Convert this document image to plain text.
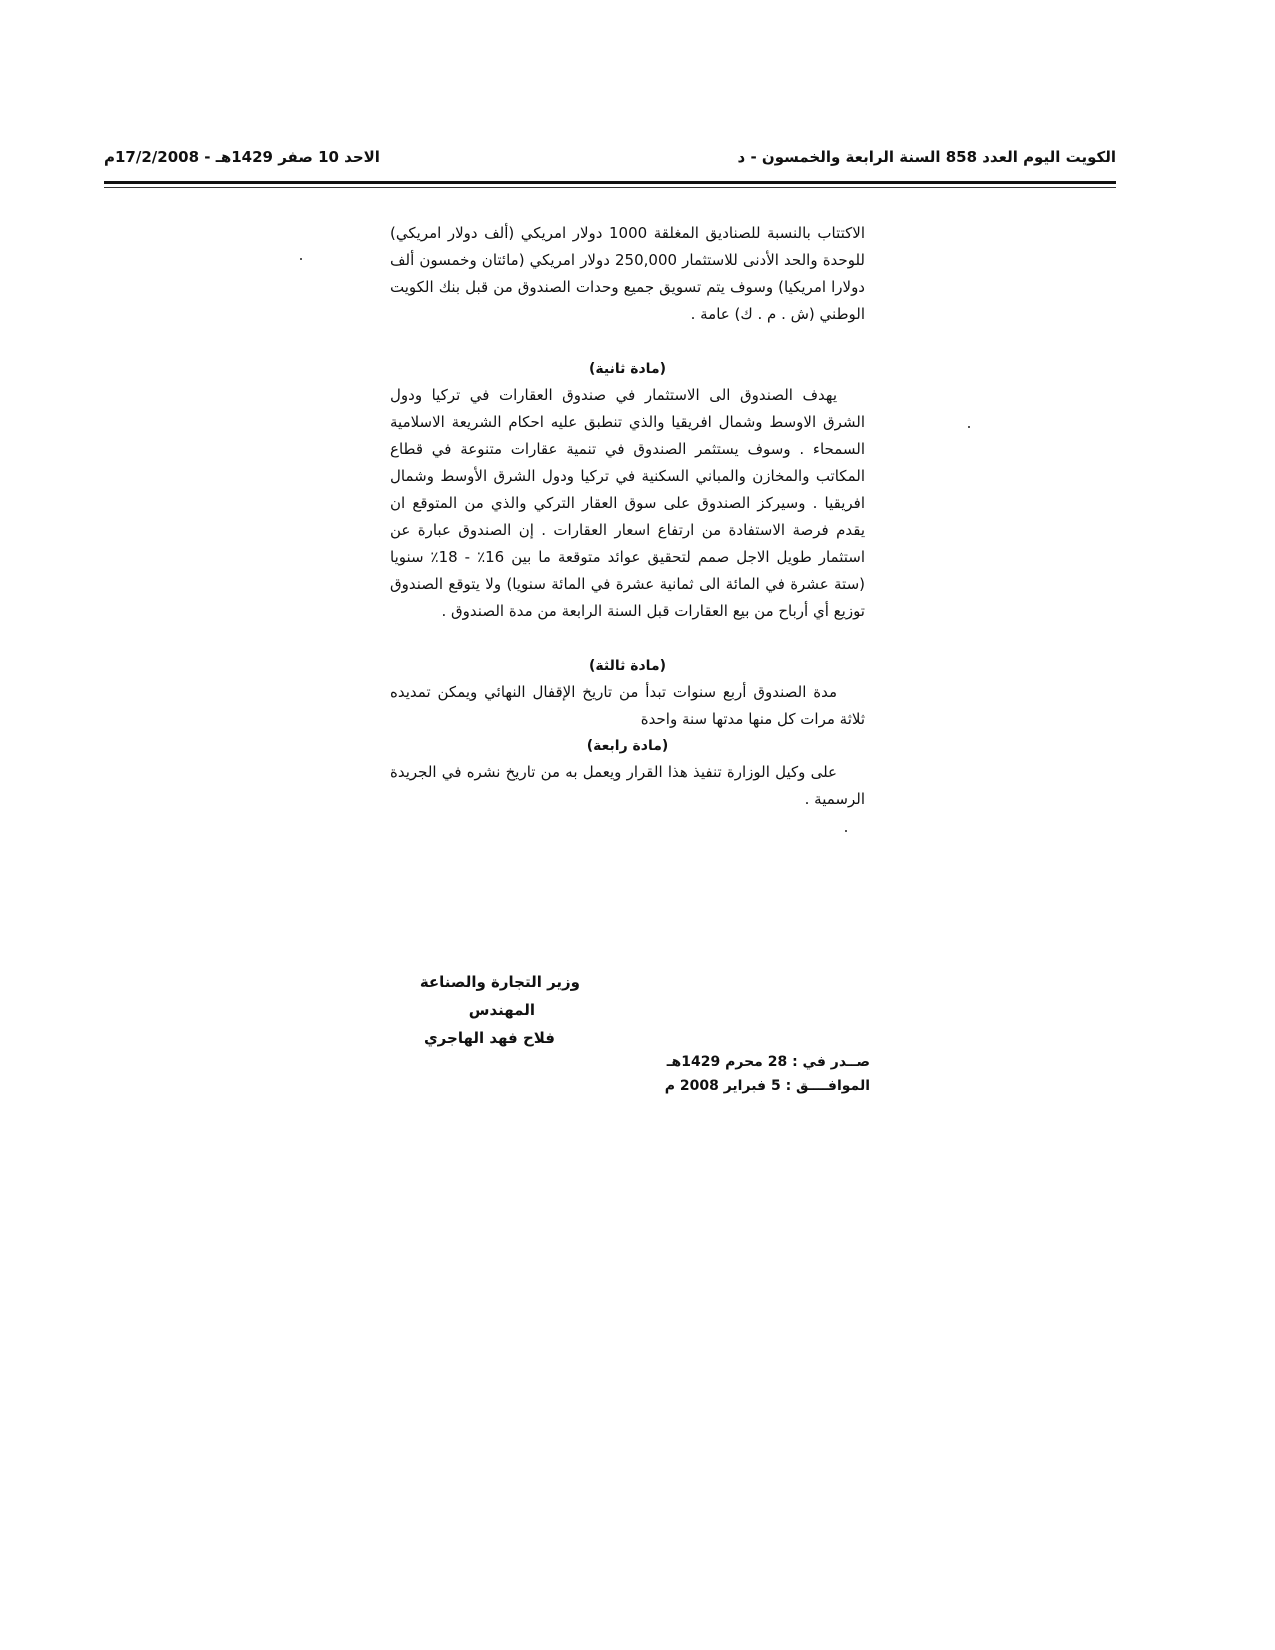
الاحد 10 صفر 1429هـ - 17/2/2008م	الكويت اليوم العدد 858 السنة الرابعة والخمسون - د

الاكتتاب بالنسبة للصناديق المغلقة 1000 دولار امريكي (ألف دولار امريكي) للوحدة والحد الأدنى للاستثمار 250,000 دولار امريكي (مائتان وخمسون ألف دولارا امريكيا) وسوف يتم تسويق جميع وحدات الصندوق من قبل بنك الكويت الوطني (ش . م . ك) عامة .

(مادة ثانية)

يهدف الصندوق الى الاستثمار في صندوق العقارات في تركيا ودول الشرق الاوسط وشمال افريقيا والذي تنطبق عليه احكام الشريعة الاسلامية السمحاء . وسوف يستثمر الصندوق في تنمية عقارات متنوعة في قطاع المكاتب والمخازن والمباني السكنية في تركيا ودول الشرق الأوسط وشمال افريقيا . وسيركز الصندوق على سوق العقار التركي والذي من المتوقع ان يقدم فرصة الاستفادة من ارتفاع اسعار العقارات . إن الصندوق عبارة عن استثمار طويل الاجل صمم لتحقيق عوائد متوقعة ما بين 16٪ - 18٪ سنويا (ستة عشرة في المائة الى ثمانية عشرة في المائة سنويا) ولا يتوقع الصندوق توزيع أي أرباح من بيع العقارات قبل السنة الرابعة من مدة الصندوق .

(مادة ثالثة)

مدة الصندوق أربع سنوات تبدأ من تاريخ الإقفال النهائي ويمكن تمديده ثلاثة مرات كل منها مدتها سنة واحدة

(مادة رابعة)

على وكيل الوزارة تنفيذ هذا القرار ويعمل به من تاريخ نشره في الجريدة الرسمية .

وزير التجارة والصناعة

المهندس

فلاح فهد الهاجري

صــدر في : 28 محرم 1429هـ

الموافــــق : 5 فبراير 2008 م
